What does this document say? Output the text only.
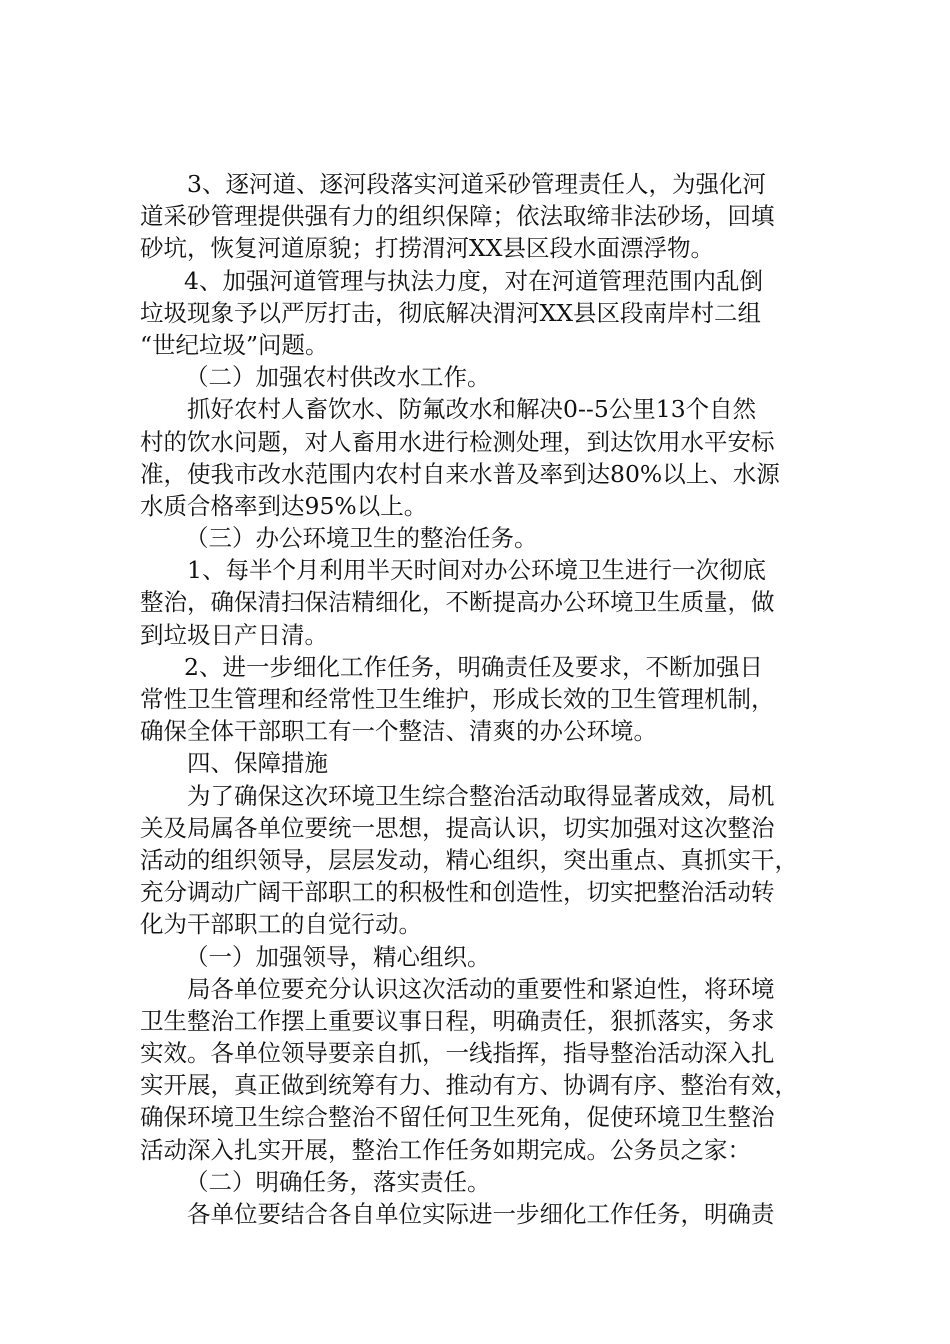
3、逐河道、逐河段落实河道采砂管理责任人，为强化河
道采砂管理提供强有力的组织保障；依法取缔非法砂场，回填
砂坑，恢复河道原貌；打捞渭河XX县区段水面漂浮物。
4、加强河道管理与执法力度，对在河道管理范围内乱倒
垃圾现象予以严厉打击，彻底解决渭河XX县区段南岸村二组
“世纪垃圾”问题。
（二）加强农村供改水工作。
抓好农村人畜饮水、防氟改水和解决0--5公里13个自然
村的饮水问题，对人畜用水进行检测处理，到达饮用水平安标
准，使我市改水范围内农村自来水普及率到达80%以上、水源
水质合格率到达95%以上。
（三）办公环境卫生的整治任务。
1、每半个月利用半天时间对办公环境卫生进行一次彻底
整治，确保清扫保洁精细化，不断提高办公环境卫生质量，做
到垃圾日产日清。
2、进一步细化工作任务，明确责任及要求，不断加强日
常性卫生管理和经常性卫生维护，形成长效的卫生管理机制，
确保全体干部职工有一个整洁、清爽的办公环境。
四、保障措施
为了确保这次环境卫生综合整治活动取得显著成效，局机
关及局属各单位要统一思想，提高认识，切实加强对这次整治
活动的组织领导，层层发动，精心组织，突出重点、真抓实干，
充分调动广阔干部职工的积极性和创造性，切实把整治活动转
化为干部职工的自觉行动。
（一）加强领导，精心组织。
局各单位要充分认识这次活动的重要性和紧迫性，将环境
卫生整治工作摆上重要议事日程，明确责任，狠抓落实，务求
实效。各单位领导要亲自抓，一线指挥，指导整治活动深入扎
实开展，真正做到统筹有力、推动有方、协调有序、整治有效，
确保环境卫生综合整治不留任何卫生死角，促使环境卫生整治
活动深入扎实开展，整治工作任务如期完成。公务员之家：
（二）明确任务，落实责任。
各单位要结合各自单位实际进一步细化工作任务，明确责
